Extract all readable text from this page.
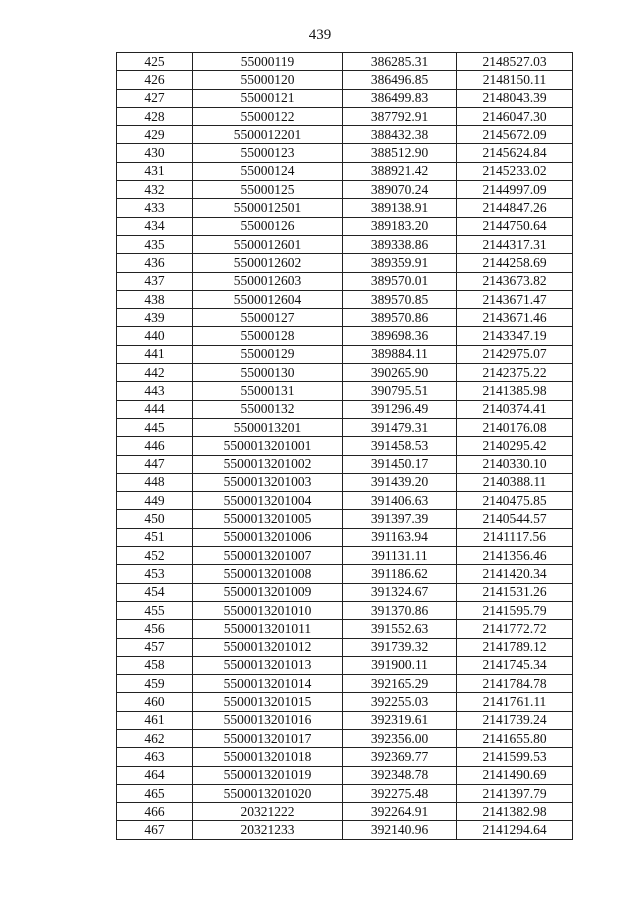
439
425	55000119	386285.31	2148527.03
426	55000120	386496.85	2148150.11
427	55000121	386499.83	2148043.39
428	55000122	387792.91	2146047.30
429	5500012201	388432.38	2145672.09
430	55000123	388512.90	2145624.84
431	55000124	388921.42	2145233.02
432	55000125	389070.24	2144997.09
433	5500012501	389138.91	2144847.26
434	55000126	389183.20	2144750.64
435	5500012601	389338.86	2144317.31
436	5500012602	389359.91	2144258.69
437	5500012603	389570.01	2143673.82
438	5500012604	389570.85	2143671.47
439	55000127	389570.86	2143671.46
440	55000128	389698.36	2143347.19
441	55000129	389884.11	2142975.07
442	55000130	390265.90	2142375.22
443	55000131	390795.51	2141385.98
444	55000132	391296.49	2140374.41
445	5500013201	391479.31	2140176.08
446	5500013201001	391458.53	2140295.42
447	5500013201002	391450.17	2140330.10
448	5500013201003	391439.20	2140388.11
449	5500013201004	391406.63	2140475.85
450	5500013201005	391397.39	2140544.57
451	5500013201006	391163.94	2141117.56
452	5500013201007	391131.11	2141356.46
453	5500013201008	391186.62	2141420.34
454	5500013201009	391324.67	2141531.26
455	5500013201010	391370.86	2141595.79
456	5500013201011	391552.63	2141772.72
457	5500013201012	391739.32	2141789.12
458	5500013201013	391900.11	2141745.34
459	5500013201014	392165.29	2141784.78
460	5500013201015	392255.03	2141761.11
461	5500013201016	392319.61	2141739.24
462	5500013201017	392356.00	2141655.80
463	5500013201018	392369.77	2141599.53
464	5500013201019	392348.78	2141490.69
465	5500013201020	392275.48	2141397.79
466	20321222	392264.91	2141382.98
467	20321233	392140.96	2141294.64
